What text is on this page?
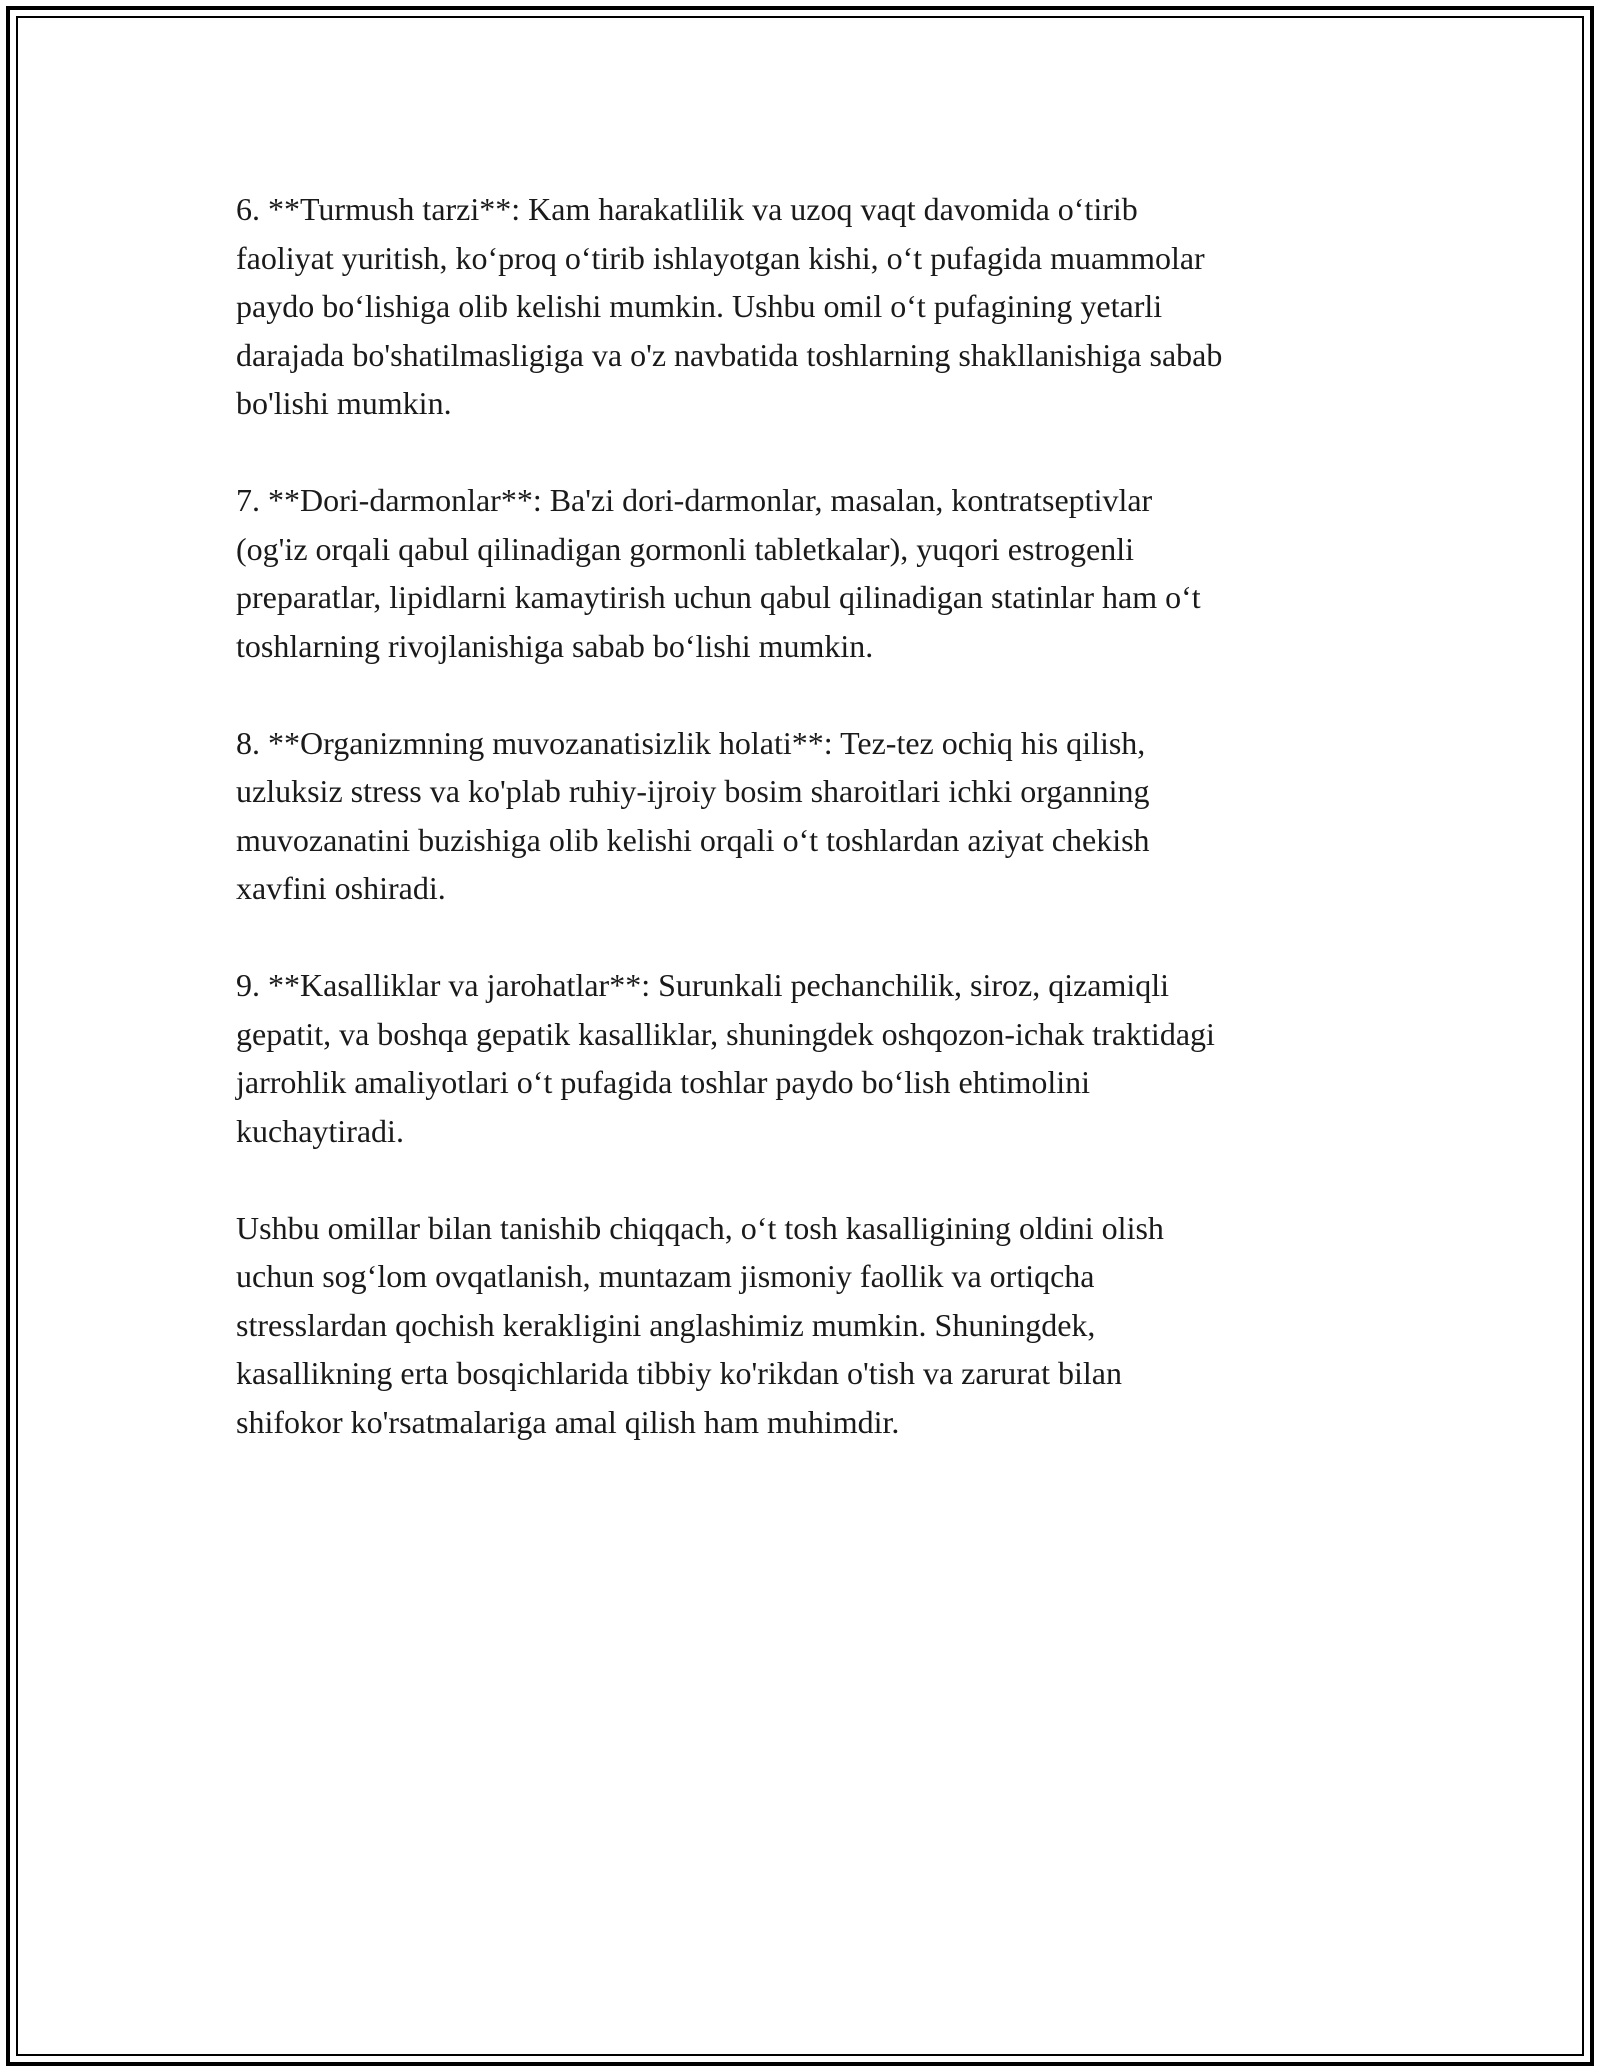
6. **Turmush tarzi**: Kam harakatlilik va uzoq vaqt davomida o‘tirib
faoliyat yuritish, ko‘proq o‘tirib ishlayotgan kishi, o‘t pufagida muammolar
paydo bo‘lishiga olib kelishi mumkin. Ushbu omil o‘t pufagining yetarli
darajada bo'shatilmasligiga va o'z navbatida toshlarning shakllanishiga sabab
bo'lishi mumkin.

7. **Dori-darmonlar**: Ba'zi dori-darmonlar, masalan, kontratseptivlar
(og'iz orqali qabul qilinadigan gormonli tabletkalar), yuqori estrogenli
preparatlar, lipidlarni kamaytirish uchun qabul qilinadigan statinlar ham o‘t
toshlarning rivojlanishiga sabab bo‘lishi mumkin.

8. **Organizmning muvozanatisizlik holati**: Tez-tez ochiq his qilish,
uzluksiz stress va ko'plab ruhiy-ijroiy bosim sharoitlari ichki organning
muvozanatini buzishiga olib kelishi orqali o‘t toshlardan aziyat chekish
xavfini oshiradi.

9. **Kasalliklar va jarohatlar**: Surunkali pechanchilik, siroz, qizamiqli
gepatit, va boshqa gepatik kasalliklar, shuningdek oshqozon-ichak traktidagi
jarrohlik amaliyotlari o‘t pufagida toshlar paydo bo‘lish ehtimolini
kuchaytiradi.

Ushbu omillar bilan tanishib chiqqach, o‘t tosh kasalligining oldini olish
uchun sog‘lom ovqatlanish, muntazam jismoniy faollik va ortiqcha
stresslardan qochish kerakligini anglashimiz mumkin. Shuningdek,
kasallikning erta bosqichlarida tibbiy ko'rikdan o'tish va zarurat bilan
shifokor ko'rsatmalariga amal qilish ham muhimdir.
